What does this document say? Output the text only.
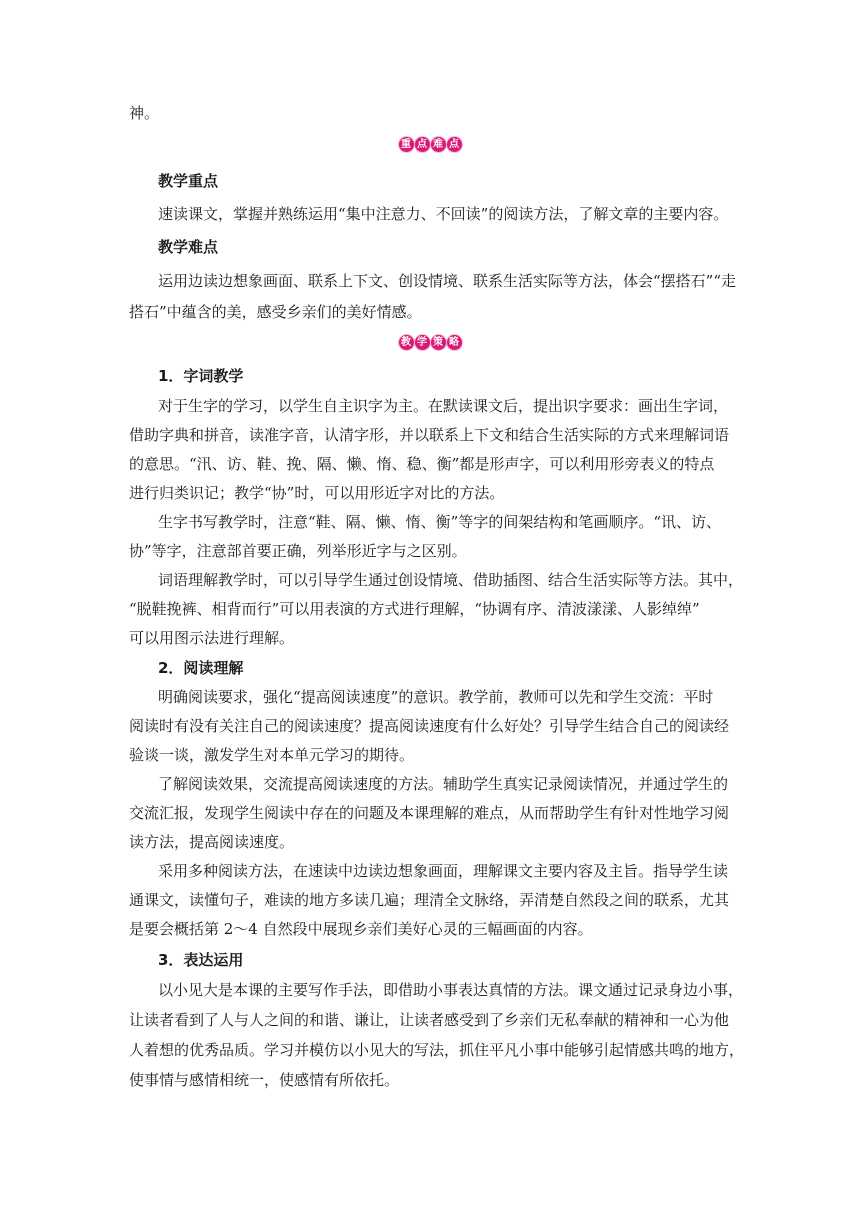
神。
重 点 难 点
教学重点
速读课文，掌握并熟练运用“集中注意力、不回读”的阅读方法，了解文章的主要内容。
教学难点
运用边读边想象画面、联系上下文、创设情境、联系生活实际等方法，体会“摆搭石”“走
搭石”中蕴含的美，感受乡亲们的美好情感。
教 学 策 略
1．字词教学
对于生字的学习，以学生自主识字为主。在默读课文后，提出识字要求：画出生字词，
借助字典和拼音，读准字音，认清字形，并以联系上下文和结合生活实际的方式来理解词语
的意思。“汛、访、鞋、挽、隔、懒、惰、稳、衡”都是形声字，可以利用形旁表义的特点
进行归类识记；教学“协”时，可以用形近字对比的方法。
生字书写教学时，注意“鞋、隔、懒、惰、衡”等字的间架结构和笔画顺序。“讯、访、
协”等字，注意部首要正确，列举形近字与之区别。
词语理解教学时，可以引导学生通过创设情境、借助插图、结合生活实际等方法。其中，
“脱鞋挽裤、相背而行”可以用表演的方式进行理解，“协调有序、清波漾漾、人影绰绰”
可以用图示法进行理解。
2．阅读理解
明确阅读要求，强化“提高阅读速度”的意识。教学前，教师可以先和学生交流：平时
阅读时有没有关注自己的阅读速度？提高阅读速度有什么好处？引导学生结合自己的阅读经
验谈一谈，激发学生对本单元学习的期待。
了解阅读效果，交流提高阅读速度的方法。辅助学生真实记录阅读情况，并通过学生的
交流汇报，发现学生阅读中存在的问题及本课理解的难点，从而帮助学生有针对性地学习阅
读方法，提高阅读速度。
采用多种阅读方法，在速读中边读边想象画面，理解课文主要内容及主旨。指导学生读
通课文，读懂句子，难读的地方多读几遍；理清全文脉络，弄清楚自然段之间的联系，尤其
是要会概括第 2～4 自然段中展现乡亲们美好心灵的三幅画面的内容。
3．表达运用
以小见大是本课的主要写作手法，即借助小事表达真情的方法。课文通过记录身边小事，
让读者看到了人与人之间的和谐、谦让，让读者感受到了乡亲们无私奉献的精神和一心为他
人着想的优秀品质。学习并模仿以小见大的写法，抓住平凡小事中能够引起情感共鸣的地方，
使事情与感情相统一，使感情有所依托。
